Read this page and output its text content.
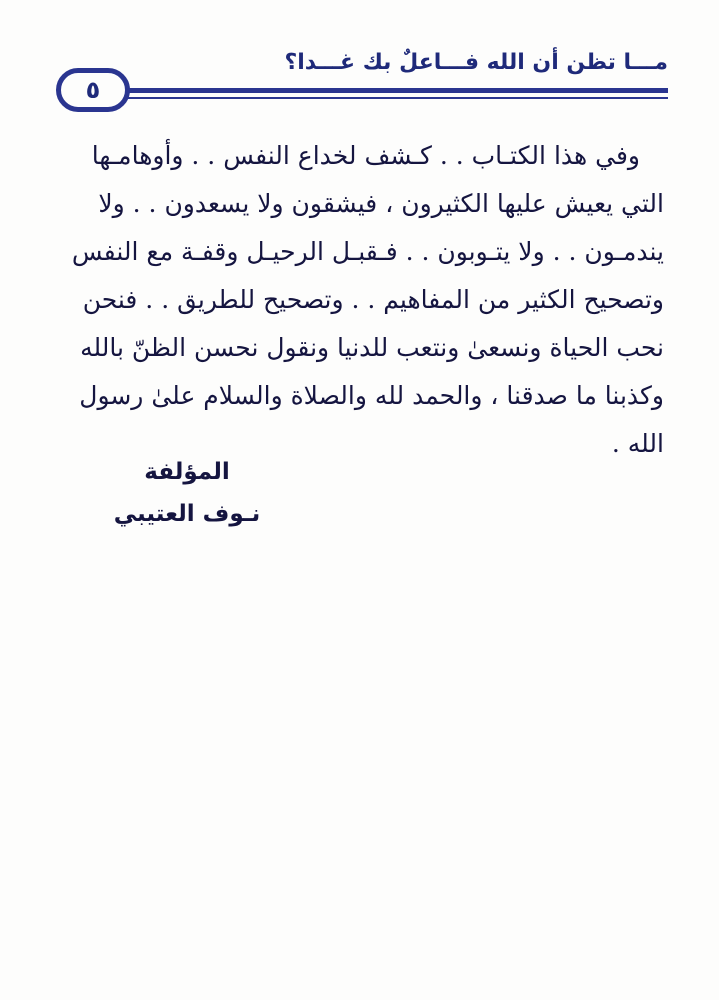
مـــا تظن أن الله فـــاعلٌ بك غـــدا؟
٥
وفي هذا الكتـاب . . كـشف لخداع النفس . . وأوهامـها
التي يعيش عليها الكثيرون ، فيشقون ولا يسعدون . . ولا
يندمـون . . ولا يتـوبون . . فـقبـل الرحيـل وقفـة مع النفس
وتصحيح الكثير من المفاهيم . . وتصحيح للطريق . . فنحن
نحب الحياة ونسعىٰ ونتعب للدنيا ونقول نحسن الظنّ بالله
وكذبنا ما صدقنا ، والحمد لله والصلاة والسلام علىٰ رسول
الله .
المؤلفة
نـوف العتيبي
